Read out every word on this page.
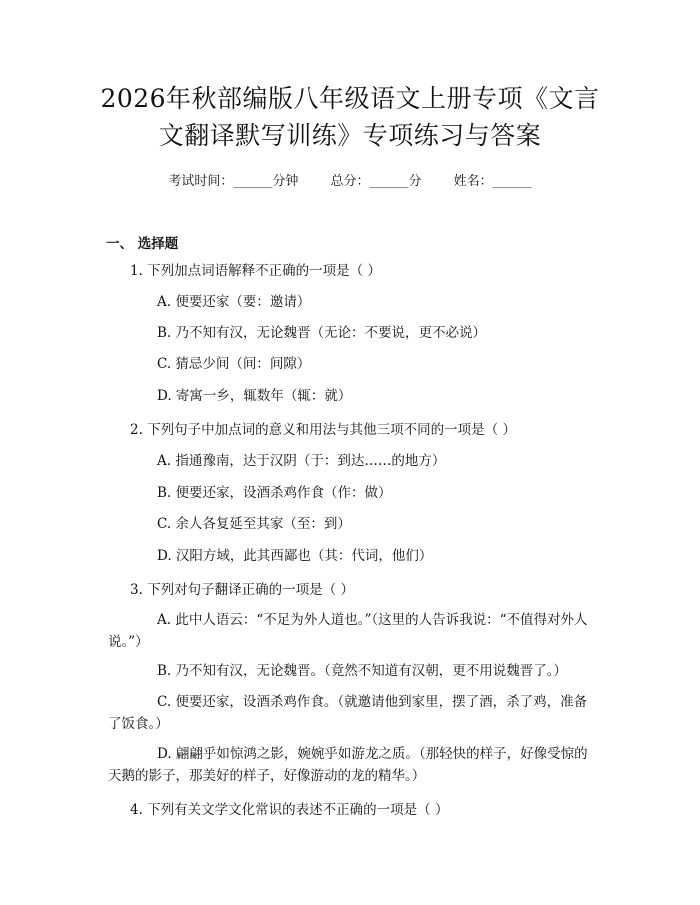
2026年秋部编版八年级语文上册专项《文言
文翻译默写训练》专项练习与答案
考试时间：______分钟 总分：______分 姓名：______
一、 选择题
1. 下列加点词语解释不正确的一项是（ ）
A. 便要还家（要：邀请）
B. 乃不知有汉，无论魏晋（无论：不要说，更不必说）
C. 猜忌少间（间：间隙）
D. 寄寓一乡，辄数年（辄：就）
2. 下列句子中加点词的意义和用法与其他三项不同的一项是（ ）
A. 指通豫南，达于汉阴（于：到达……的地方）
B. 便要还家，设酒杀鸡作食（作：做）
C. 余人各复延至其家（至：到）
D. 汉阳方域，此其西鄙也（其：代词，他们）
3. 下列对句子翻译正确的一项是（ ）
A. 此中人语云：“不足为外人道也。”（这里的人告诉我说：“不值得对外人说。”）
B. 乃不知有汉，无论魏晋。（竟然不知道有汉朝，更不用说魏晋了。）
C. 便要还家，设酒杀鸡作食。（就邀请他到家里，摆了酒，杀了鸡，准备了饭食。）
D. 翩翩乎如惊鸿之影，婉婉乎如游龙之质。（那轻快的样子，好像受惊的天鹅的影子，那美好的样子，好像游动的龙的精华。）
4. 下列有关文学文化常识的表述不正确的一项是（ ）
